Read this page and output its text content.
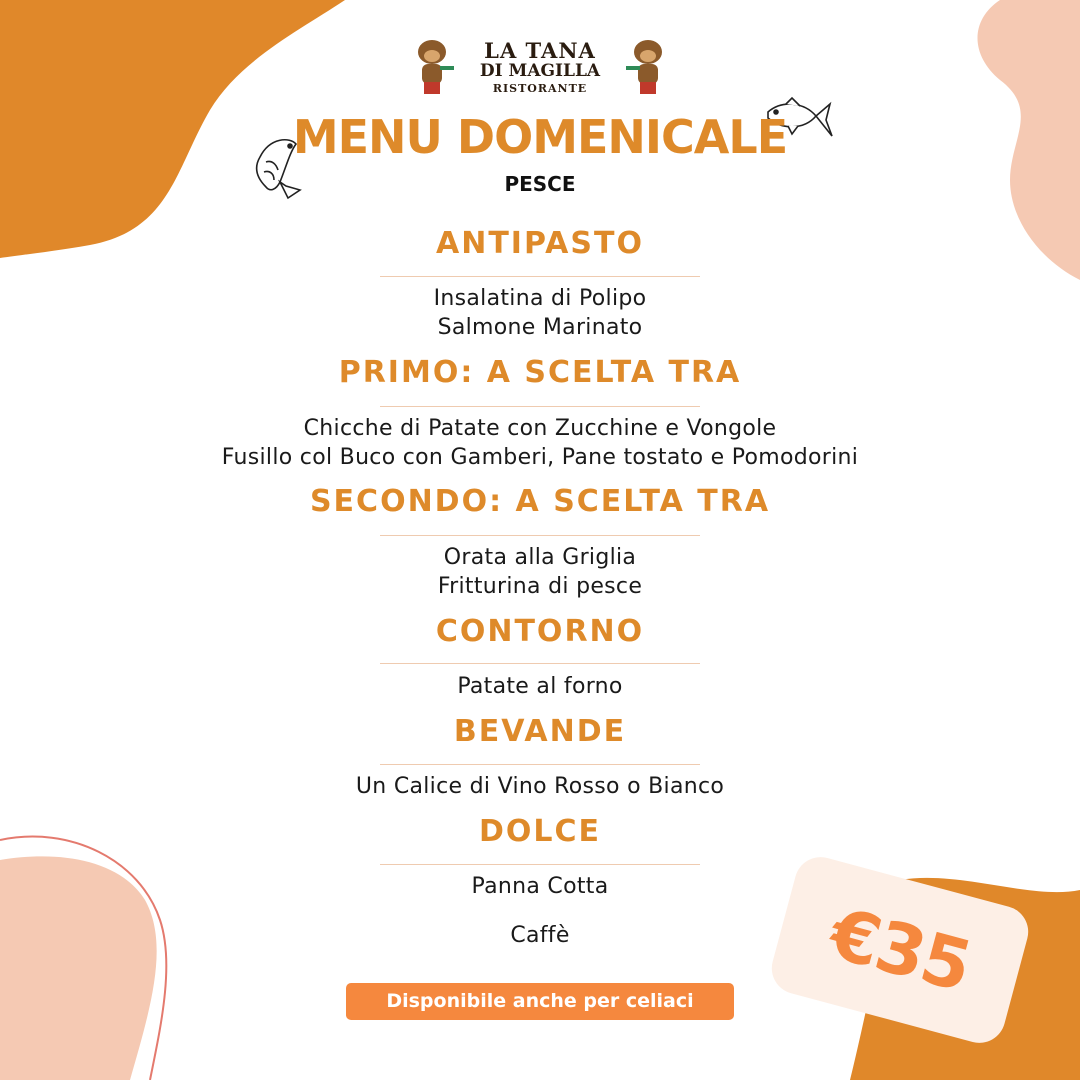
LA TANA
DI MAGILLA
RISTORANTE
MENU DOMENICALE
PESCE
ANTIPASTO
Insalatina di Polipo
Salmone Marinato
PRIMO: A SCELTA TRA
Chicche di Patate con Zucchine e Vongole
Fusillo col Buco con Gamberi, Pane tostato e Pomodorini
SECONDO: A SCELTA TRA
Orata alla Griglia
Fritturina di pesce
CONTORNO
Patate al forno
BEVANDE
Un Calice di Vino Rosso o Bianco
DOLCE
Panna Cotta
Caffè
Disponibile anche per celiaci	€35
